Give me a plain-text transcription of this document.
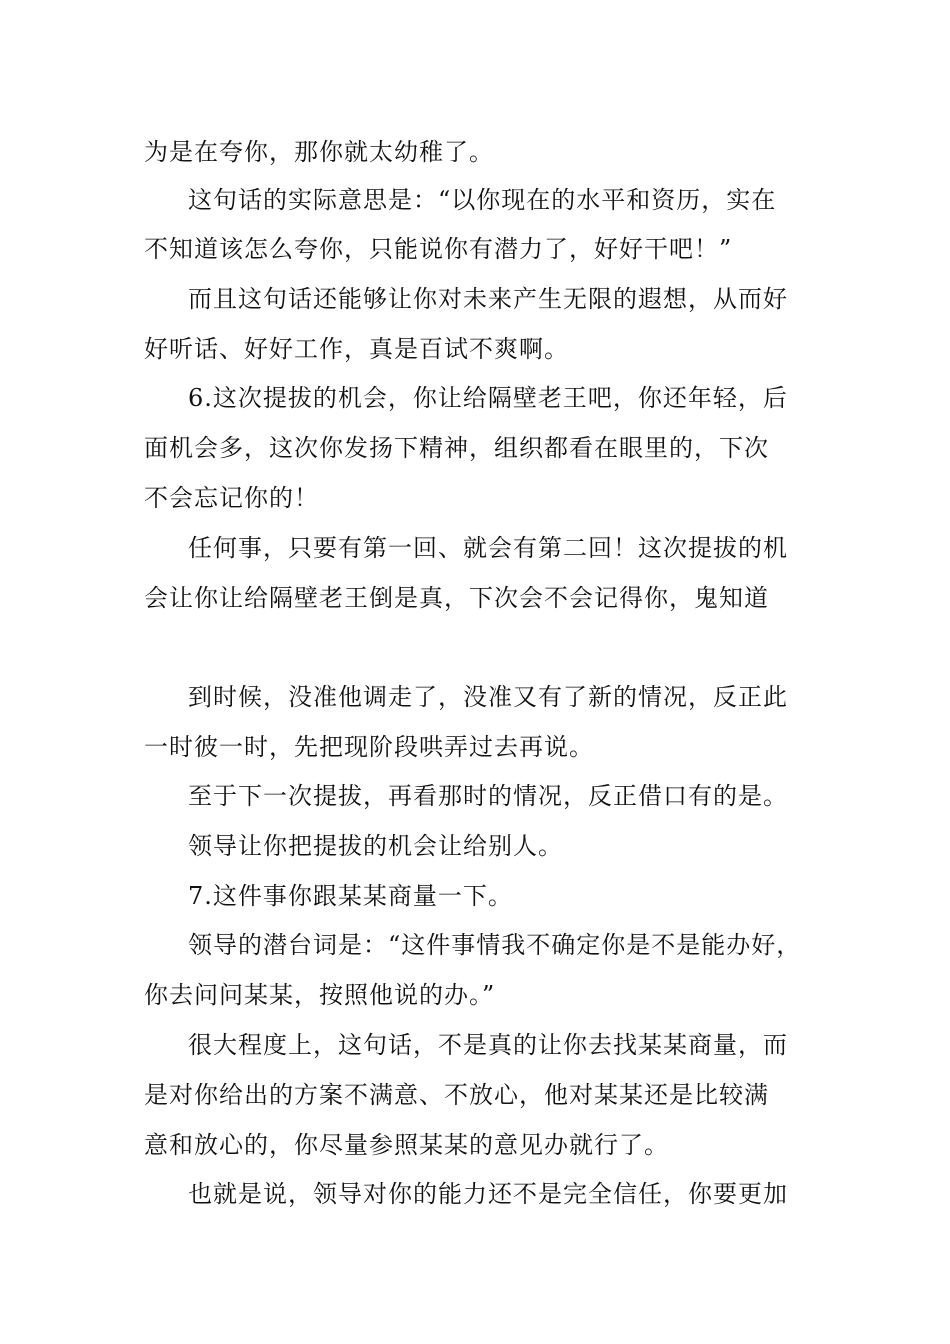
为是在夸你，那你就太幼稚了。
这句话的实际意思是：“以你现在的水平和资历，实在
不知道该怎么夸你，只能说你有潜力了，好好干吧！”
而且这句话还能够让你对未来产生无限的遐想，从而好
好听话、好好工作，真是百试不爽啊。
6.这次提拔的机会，你让给隔壁老王吧，你还年轻，后
面机会多，这次你发扬下精神，组织都看在眼里的，下次
不会忘记你的！
任何事，只要有第一回、就会有第二回！这次提拔的机
会让你让给隔壁老王倒是真，下次会不会记得你，鬼知道
到时候，没准他调走了，没准又有了新的情况，反正此
一时彼一时，先把现阶段哄弄过去再说。
至于下一次提拔，再看那时的情况，反正借口有的是。
领导让你把提拔的机会让给别人。
7.这件事你跟某某商量一下。
领导的潜台词是：“这件事情我不确定你是不是能办好，
你去问问某某，按照他说的办。”
很大程度上，这句话，不是真的让你去找某某商量，而
是对你给出的方案不满意、不放心，他对某某还是比较满
意和放心的，你尽量参照某某的意见办就行了。
也就是说，领导对你的能力还不是完全信任，你要更加
